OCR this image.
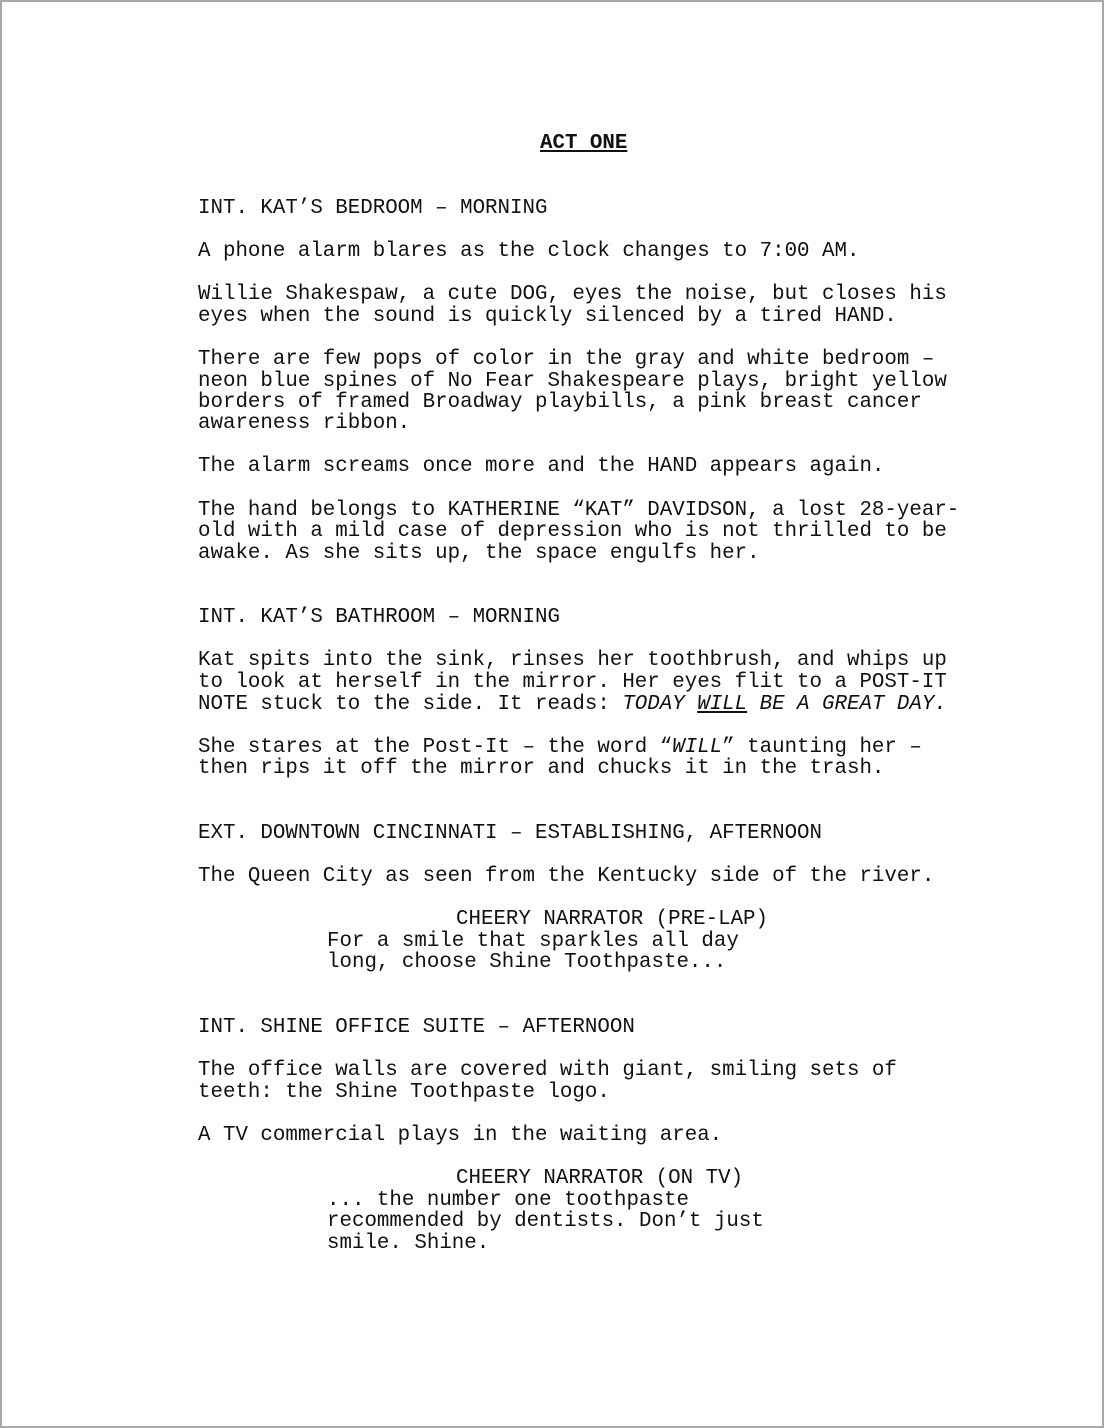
ACT ONE

INT. KAT’S BEDROOM – MORNING

A phone alarm blares as the clock changes to 7:00 AM.

Willie Shakespaw, a cute DOG, eyes the noise, but closes his

eyes when the sound is quickly silenced by a tired HAND.

There are few pops of color in the gray and white bedroom –

neon blue spines of No Fear Shakespeare plays, bright yellow

borders of framed Broadway playbills, a pink breast cancer

awareness ribbon.

The alarm screams once more and the HAND appears again.

The hand belongs to KATHERINE “KAT” DAVIDSON, a lost 28-year-

old with a mild case of depression who is not thrilled to be

awake. As she sits up, the space engulfs her.

INT. KAT’S BATHROOM – MORNING

Kat spits into the sink, rinses her toothbrush, and whips up

to look at herself in the mirror. Her eyes flit to a POST-IT

NOTE stuck to the side. It reads: TODAY WILL BE A GREAT DAY.

She stares at the Post-It – the word “WILL” taunting her –

then rips it off the mirror and chucks it in the trash.

EXT. DOWNTOWN CINCINNATI – ESTABLISHING, AFTERNOON

The Queen City as seen from the Kentucky side of the river.

CHEERY NARRATOR (PRE-LAP)

For a smile that sparkles all day

long, choose Shine Toothpaste...

INT. SHINE OFFICE SUITE – AFTERNOON

The office walls are covered with giant, smiling sets of

teeth: the Shine Toothpaste logo.

A TV commercial plays in the waiting area.

CHEERY NARRATOR (ON TV)

... the number one toothpaste

recommended by dentists. Don’t just

smile. Shine.
